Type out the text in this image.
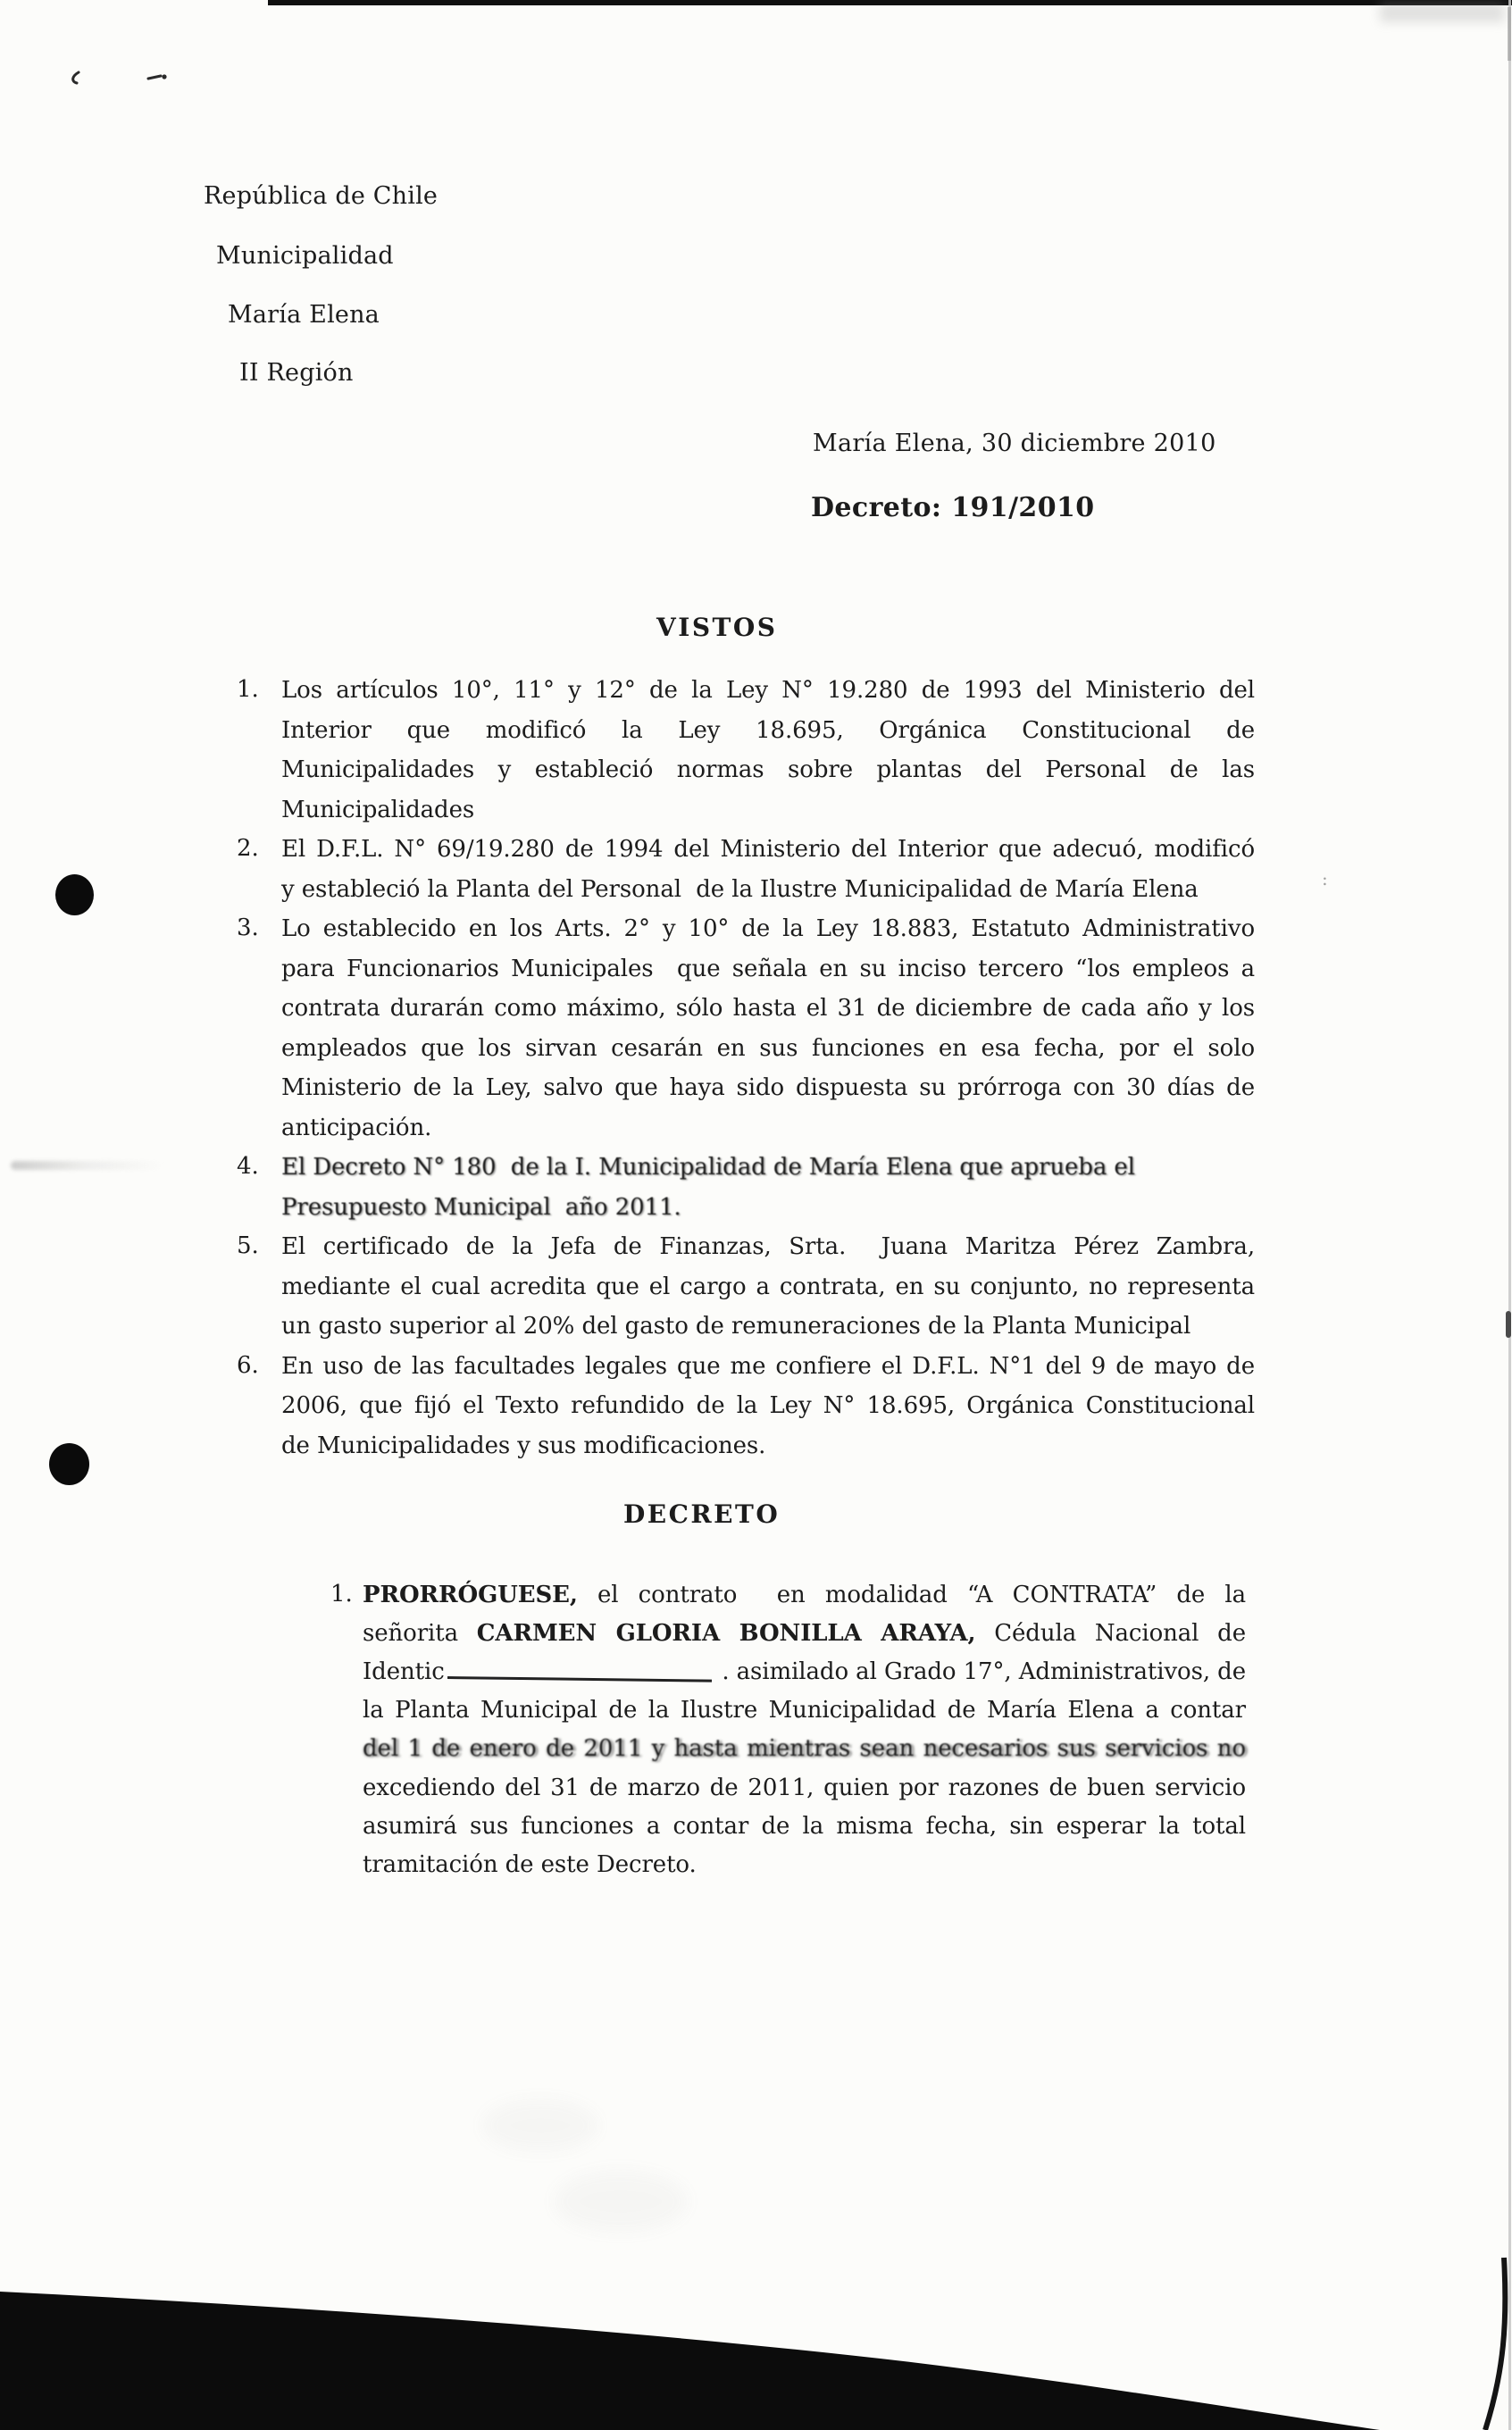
:
República de Chile
Municipalidad
María Elena
II Región
María Elena, 30 diciembre 2010
Decreto: 191/2010
VISTOS
DECRETO
1. Los artículos 10°, 11° y 12° de la Ley N° 19.280 de 1993 del Ministerio del
Interior que modificó la Ley 18.695, Orgánica Constitucional de
Municipalidades y estableció normas sobre plantas del Personal de las
Municipalidades
2. El D.F.L. N° 69/19.280 de 1994 del Ministerio del Interior que adecuó, modificó
y estableció la Planta del Personal  de la Ilustre Municipalidad de María Elena
3. Lo establecido en los Arts. 2° y 10° de la Ley 18.883, Estatuto Administrativo
para Funcionarios Municipales  que señala en su inciso tercero “los empleos a
contrata durarán como máximo, sólo hasta el 31 de diciembre de cada año y los
empleados que los sirvan cesarán en sus funciones en esa fecha, por el solo
Ministerio de la Ley, salvo que haya sido dispuesta su prórroga con 30 días de
anticipación.
4. El Decreto N° 180  de la I. Municipalidad de María Elena que aprueba el
Presupuesto Municipal  año 2011.
5. El certificado de la Jefa de Finanzas, Srta.  Juana Maritza Pérez Zambra,
mediante el cual acredita que el cargo a contrata, en su conjunto, no representa
un gasto superior al 20% del gasto de remuneraciones de la Planta Municipal
6. En uso de las facultades legales que me confiere el D.F.L. N°1 del 9 de mayo de
2006, que fijó el Texto refundido de la Ley N° 18.695, Orgánica Constitucional
de Municipalidades y sus modificaciones.
1. PRORRÓGUESE, el contrato  en modalidad “A CONTRATA” de la
señorita CARMEN GLORIA BONILLA ARAYA, Cédula Nacional de
Identic	. asimilado al Grado 17°, Administrativos, de
la Planta Municipal de la Ilustre Municipalidad de María Elena a contar
del 1 de enero de 2011 y hasta mientras sean necesarios sus servicios no
excediendo del 31 de marzo de 2011, quien por razones de buen servicio
asumirá sus funciones a contar de la misma fecha, sin esperar la total
tramitación de este Decreto.
